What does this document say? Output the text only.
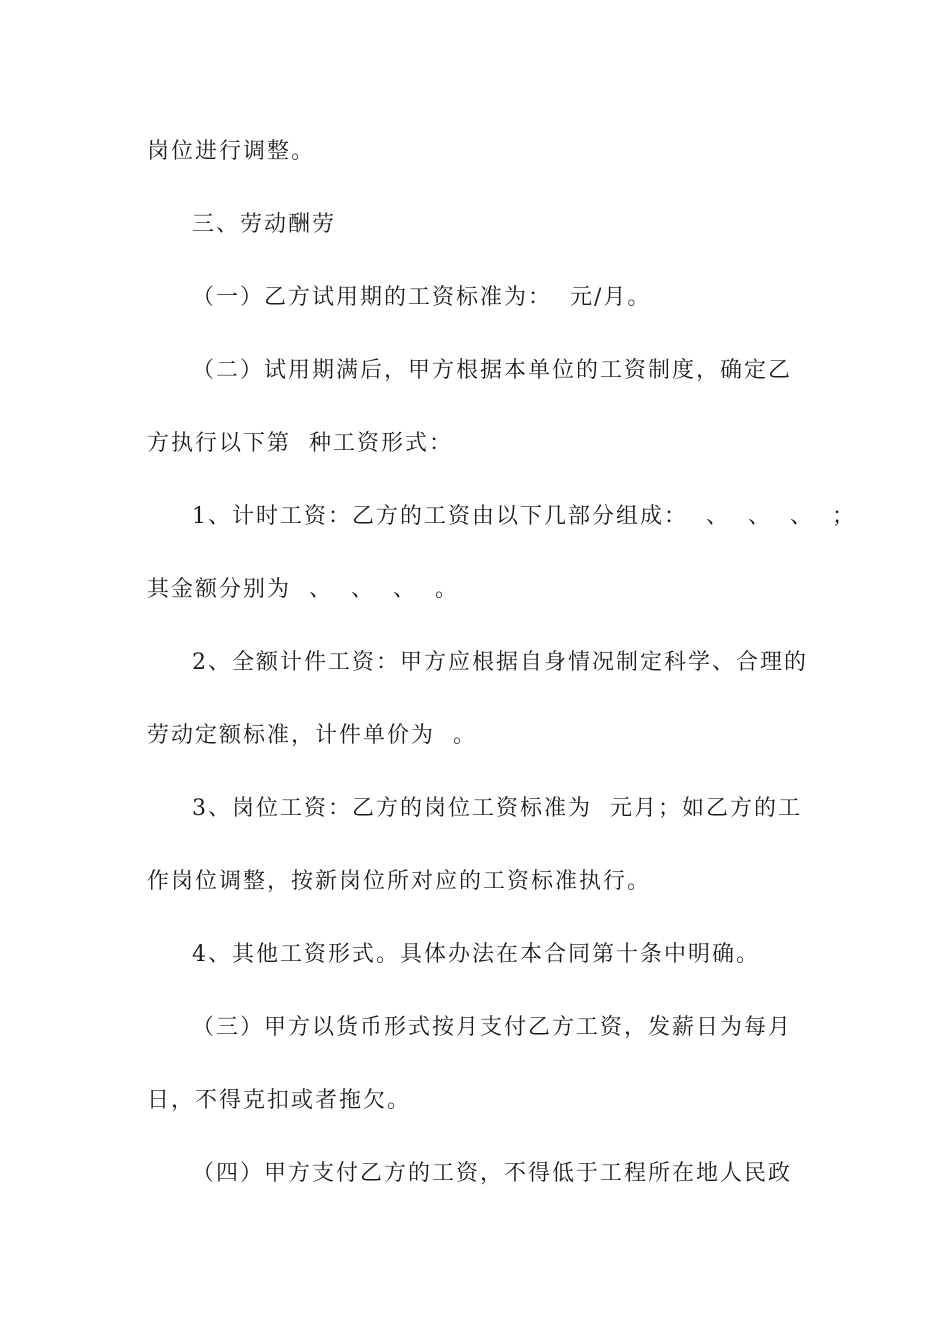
岗位进行调整。
三、劳动酬劳
（一）乙方试用期的工资标准为：  元/月。
（二）试用期满后，甲方根据本单位的工资制度，确定乙
方执行以下第  种工资形式：
1、计时工资：乙方的工资由以下几部分组成：  、  、  、  ；
其金额分别为  、  、  、  。
2、全额计件工资：甲方应根据自身情况制定科学、合理的
劳动定额标准，计件单价为  。
3、岗位工资：乙方的岗位工资标准为  元月；如乙方的工
作岗位调整，按新岗位所对应的工资标准执行。
4、其他工资形式。具体办法在本合同第十条中明确。
（三）甲方以货币形式按月支付乙方工资，发薪日为每月
日，不得克扣或者拖欠。
（四）甲方支付乙方的工资，不得低于工程所在地人民政
